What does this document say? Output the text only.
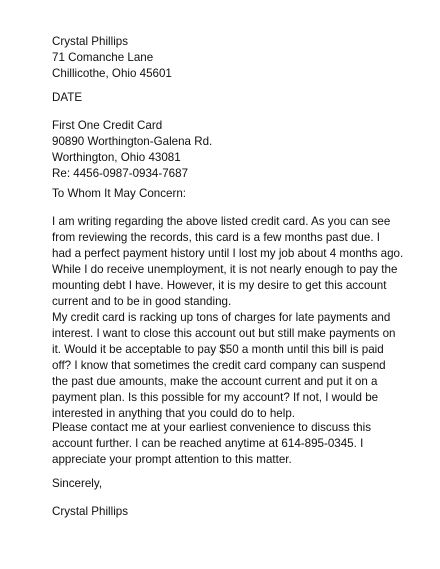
Crystal Phillips
71 Comanche Lane
Chillicothe, Ohio 45601
DATE
First One Credit Card
90890 Worthington-Galena Rd.
Worthington, Ohio 43081
Re: 4456-0987-0934-7687
To Whom It May Concern:
I am writing regarding the above listed credit card. As you can see
from reviewing the records, this card is a few months past due. I
had a perfect payment history until I lost my job about 4 months ago.
While I do receive unemployment, it is not nearly enough to pay the
mounting debt I have. However, it is my desire to get this account
current and to be in good standing.
My credit card is racking up tons of charges for late payments and
interest. I want to close this account out but still make payments on
it. Would it be acceptable to pay $50 a month until this bill is paid
off? I know that sometimes the credit card company can suspend
the past due amounts, make the account current and put it on a
payment plan. Is this possible for my account? If not, I would be
interested in anything that you could do to help.
Please contact me at your earliest convenience to discuss this
account further. I can be reached anytime at 614-895-0345. I
appreciate your prompt attention to this matter.
Sincerely,
Crystal Phillips
